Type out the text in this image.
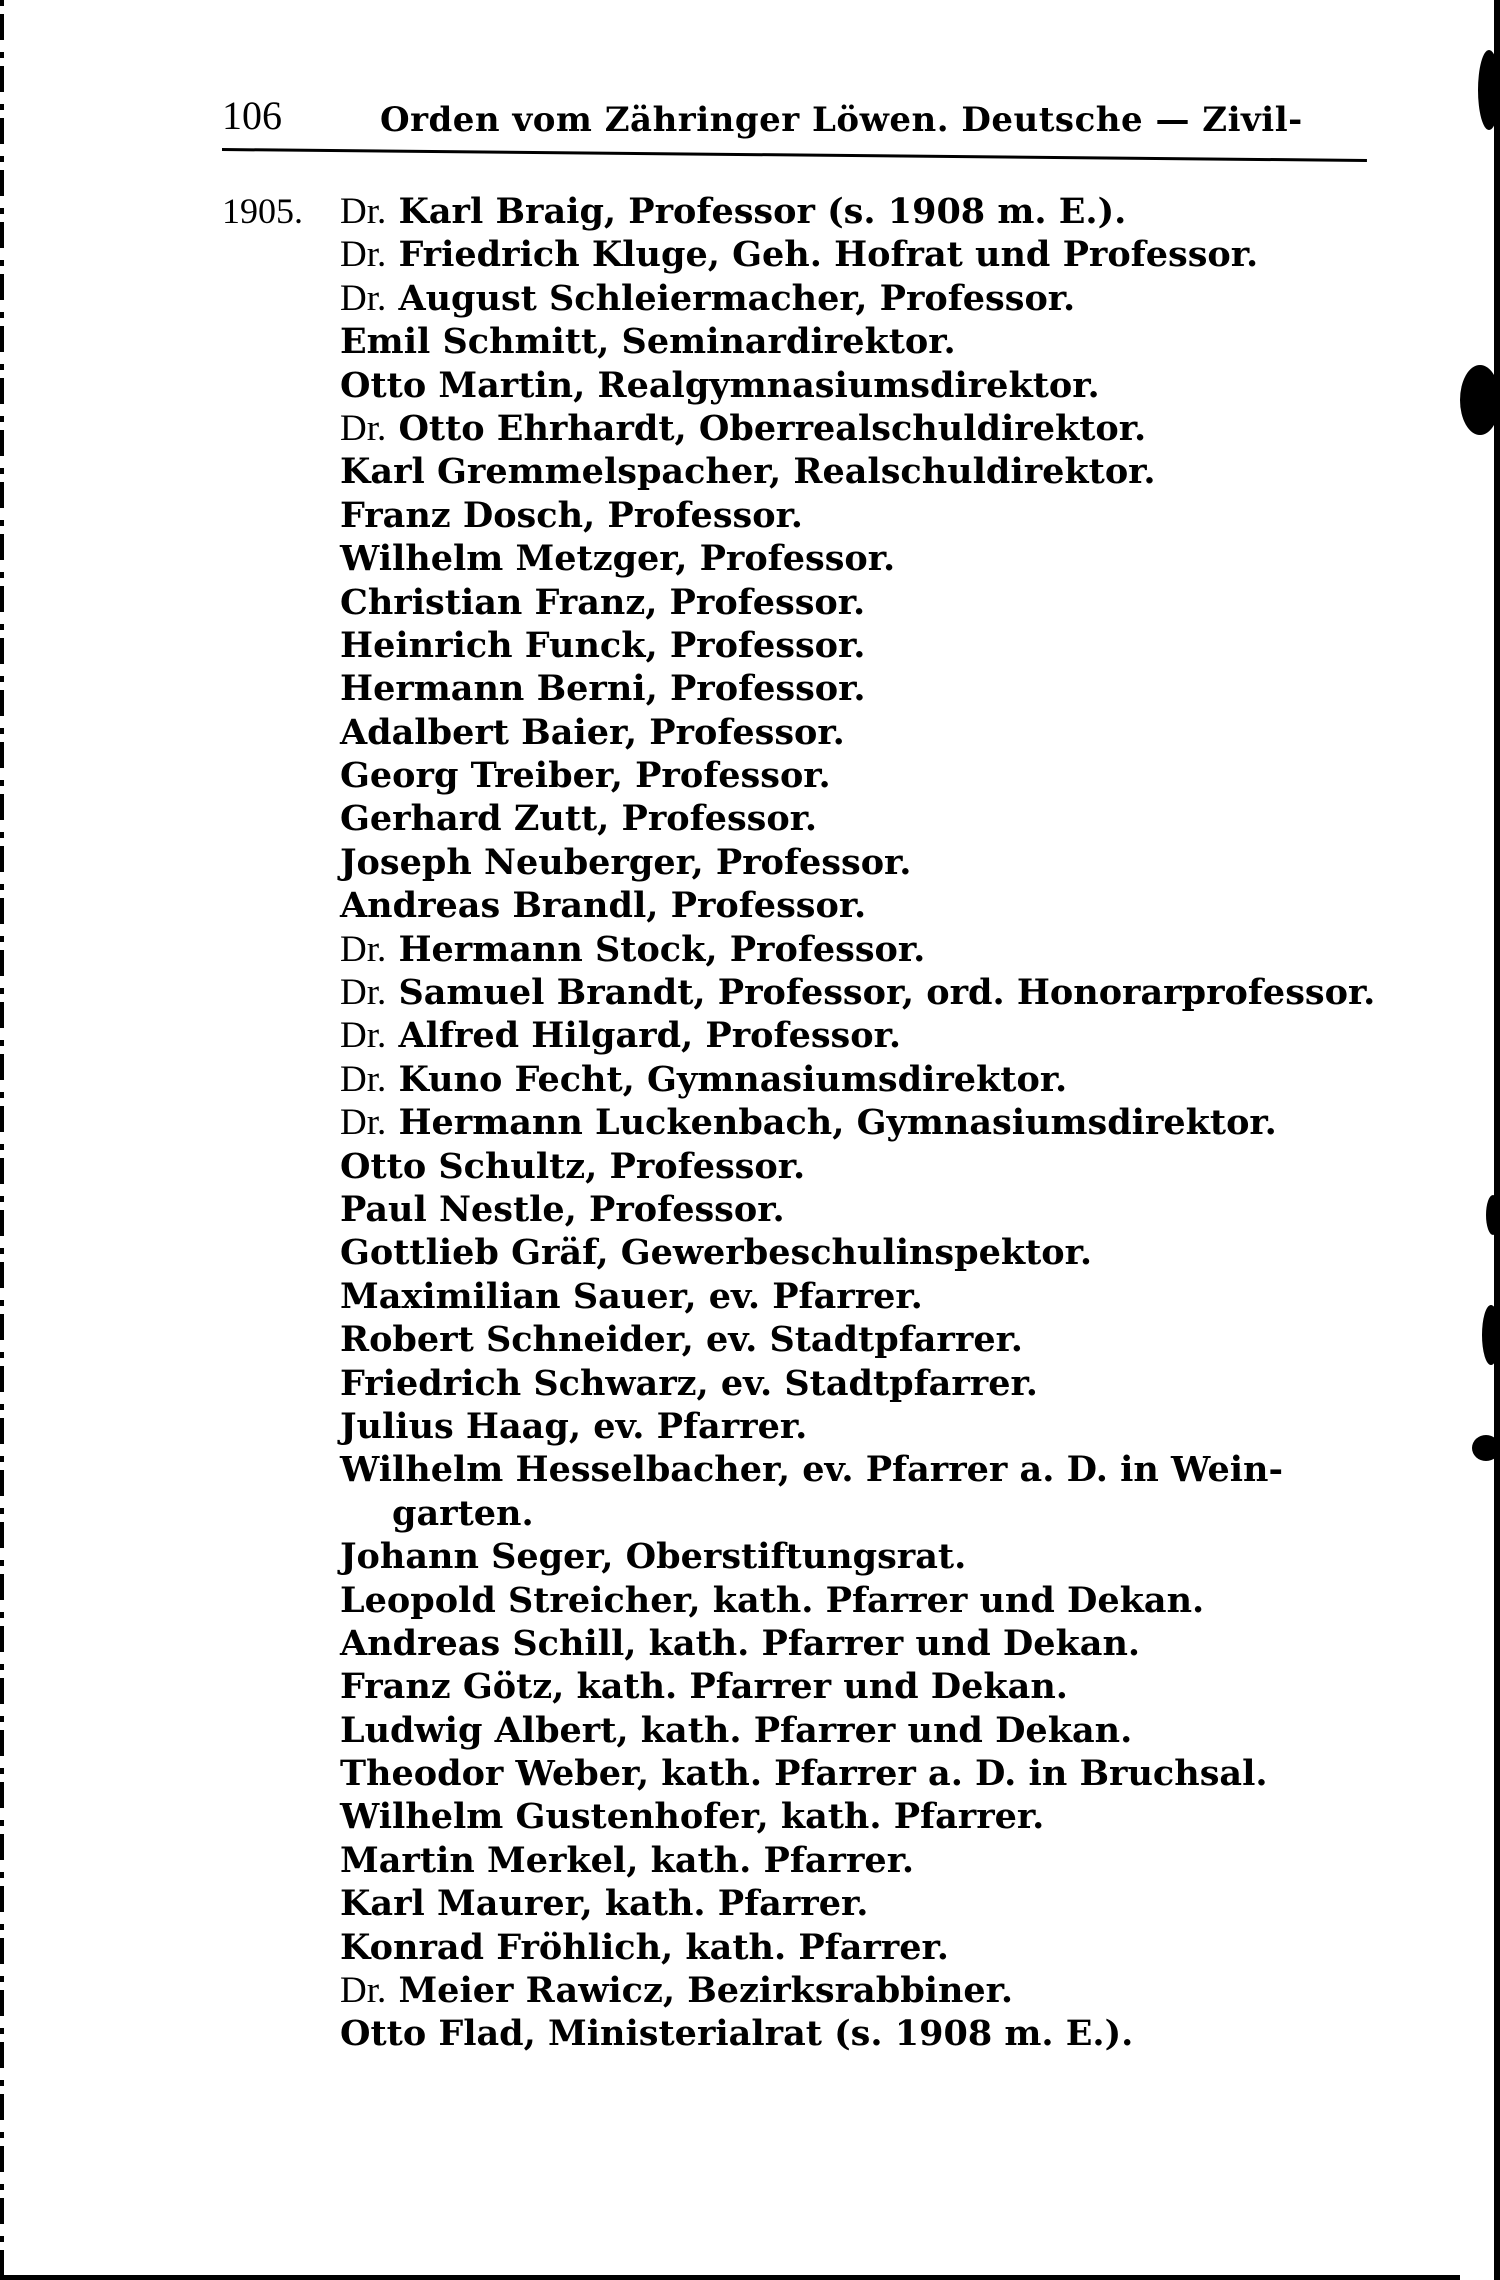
106	Orden vom Zähringer Löwen. Deutsche — Zivil-
1905. Dr. Karl Braig, Professor (s. 1908 m. E.).
Dr. Friedrich Kluge, Geh. Hofrat und Professor.
Dr. August Schleiermacher, Professor.
Emil Schmitt, Seminardirektor.
Otto Martin, Realgymnasiumsdirektor.
Dr. Otto Ehrhardt, Oberrealschuldirektor.
Karl Gremmelspacher, Realschuldirektor.
Franz Dosch, Professor.
Wilhelm Metzger, Professor.
Christian Franz, Professor.
Heinrich Funck, Professor.
Hermann Berni, Professor.
Adalbert Baier, Professor.
Georg Treiber, Professor.
Gerhard Zutt, Professor.
Joseph Neuberger, Professor.
Andreas Brandl, Professor.
Dr. Hermann Stock, Professor.
Dr. Samuel Brandt, Professor, ord. Honorarprofessor.
Dr. Alfred Hilgard, Professor.
Dr. Kuno Fecht, Gymnasiumsdirektor.
Dr. Hermann Luckenbach, Gymnasiumsdirektor.
Otto Schultz, Professor.
Paul Nestle, Professor.
Gottlieb Gräf, Gewerbeschulinspektor.
Maximilian Sauer, ev. Pfarrer.
Robert Schneider, ev. Stadtpfarrer.
Friedrich Schwarz, ev. Stadtpfarrer.
Julius Haag, ev. Pfarrer.
Wilhelm Hesselbacher, ev. Pfarrer a. D. in Wein-
garten.
Johann Seger, Oberstiftungsrat.
Leopold Streicher, kath. Pfarrer und Dekan.
Andreas Schill, kath. Pfarrer und Dekan.
Franz Götz, kath. Pfarrer und Dekan.
Ludwig Albert, kath. Pfarrer und Dekan.
Theodor Weber, kath. Pfarrer a. D. in Bruchsal.
Wilhelm Gustenhofer, kath. Pfarrer.
Martin Merkel, kath. Pfarrer.
Karl Maurer, kath. Pfarrer.
Konrad Fröhlich, kath. Pfarrer.
Dr. Meier Rawicz, Bezirksrabbiner.
Otto Flad, Ministerialrat (s. 1908 m. E.).
